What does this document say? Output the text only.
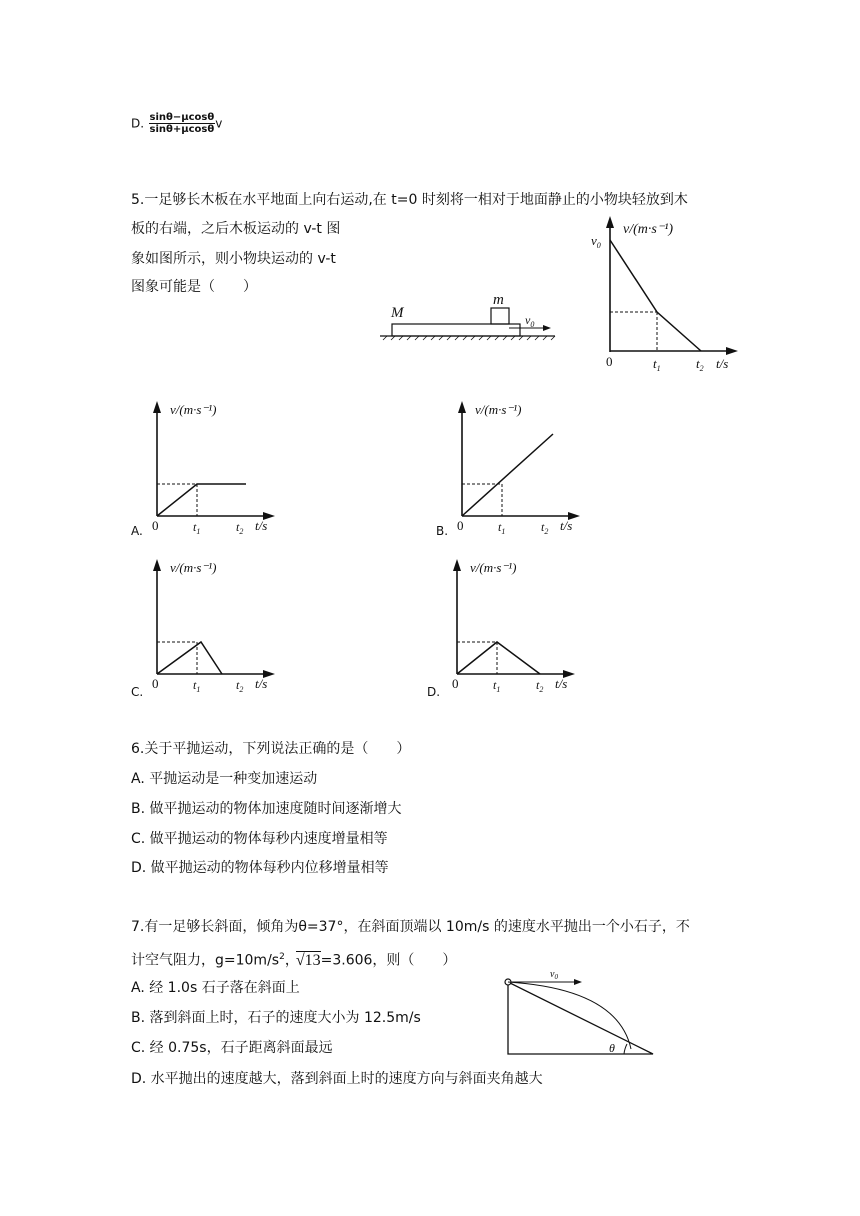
D. $\frac{\sin\theta-\mu\cos\theta}{\sin\theta+\mu\cos\theta}$ v
5.一足够长木板在水平地面上向右运动,在 t=0 时刻将一相对于地面静止的小物块轻放到木
板的右端，之后木板运动的 v-t 图
象如图所示，则小物块运动的 v-t
图象可能是（　　）
M
m
$v_0$
v/(m·s⁻¹)
$v_0$
0	$t_1$	$t_2$ t/s
v/(m·s⁻¹)
0	$t_1$	$t_2$ t/s
v/(m·s⁻¹)
0	$t_1$	$t_2$ t/s
v/(m·s⁻¹)
0	$t_1$	$t_2$ t/s
v/(m·s⁻¹)
0	$t_1$	$t_2$ t/s
A.	B.
C.	D.
6.关于平抛运动，下列说法正确的是（　　）
A. 平抛运动是一种变加速运动
B. 做平抛运动的物体加速度随时间逐渐增大
C. 做平抛运动的物体每秒内速度增量相等
D. 做平抛运动的物体每秒内位移增量相等
7.有一足够长斜面，倾角为θ=37°，在斜面顶端以 10m/s 的速度水平抛出一个小石子，不
计空气阻力，$g=10m/s^2$，√13=3.606，则（　　）
A. 经 1.0s 石子落在斜面上
B. 落到斜面上时，石子的速度大小为 12.5m/s
C. 经 0.75s，石子距离斜面最远
D. 水平抛出的速度越大，落到斜面上时的速度方向与斜面夹角越大
$v_0$
θ
